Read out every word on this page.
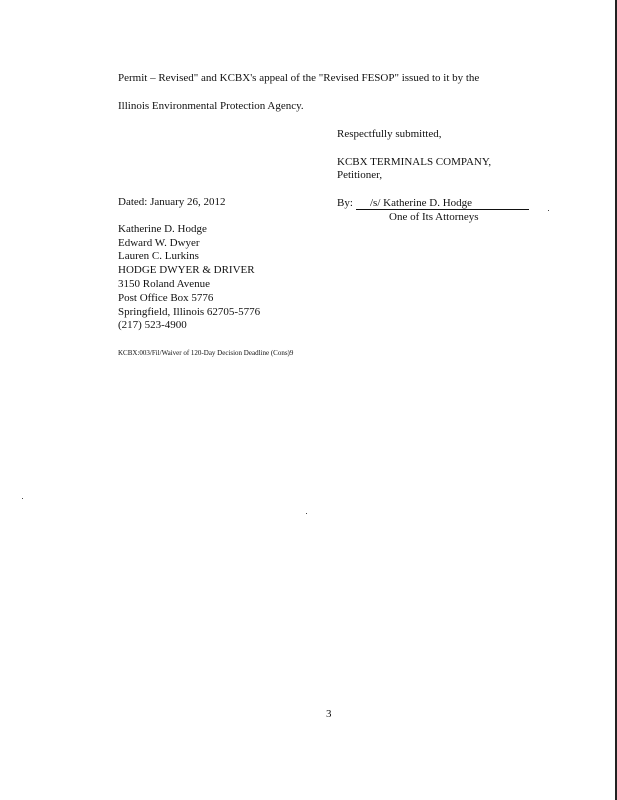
Permit – Revised" and KCBX's appeal of the "Revised FESOP" issued to it by the
Illinois Environmental Protection Agency.
Respectfully submitted,
KCBX TERMINALS COMPANY,
Petitioner,
Dated: January 26, 2012	By: /s/ Katherine D. Hodge
One of Its Attorneys
Katherine D. Hodge
Edward W. Dwyer
Lauren C. Lurkins
HODGE DWYER & DRIVER
3150 Roland Avenue
Post Office Box 5776
Springfield, Illinois 62705-5776
(217) 523-4900
KCBX:003/Fil/Waiver of 120-Day Decision Deadline (Cons)9
3
